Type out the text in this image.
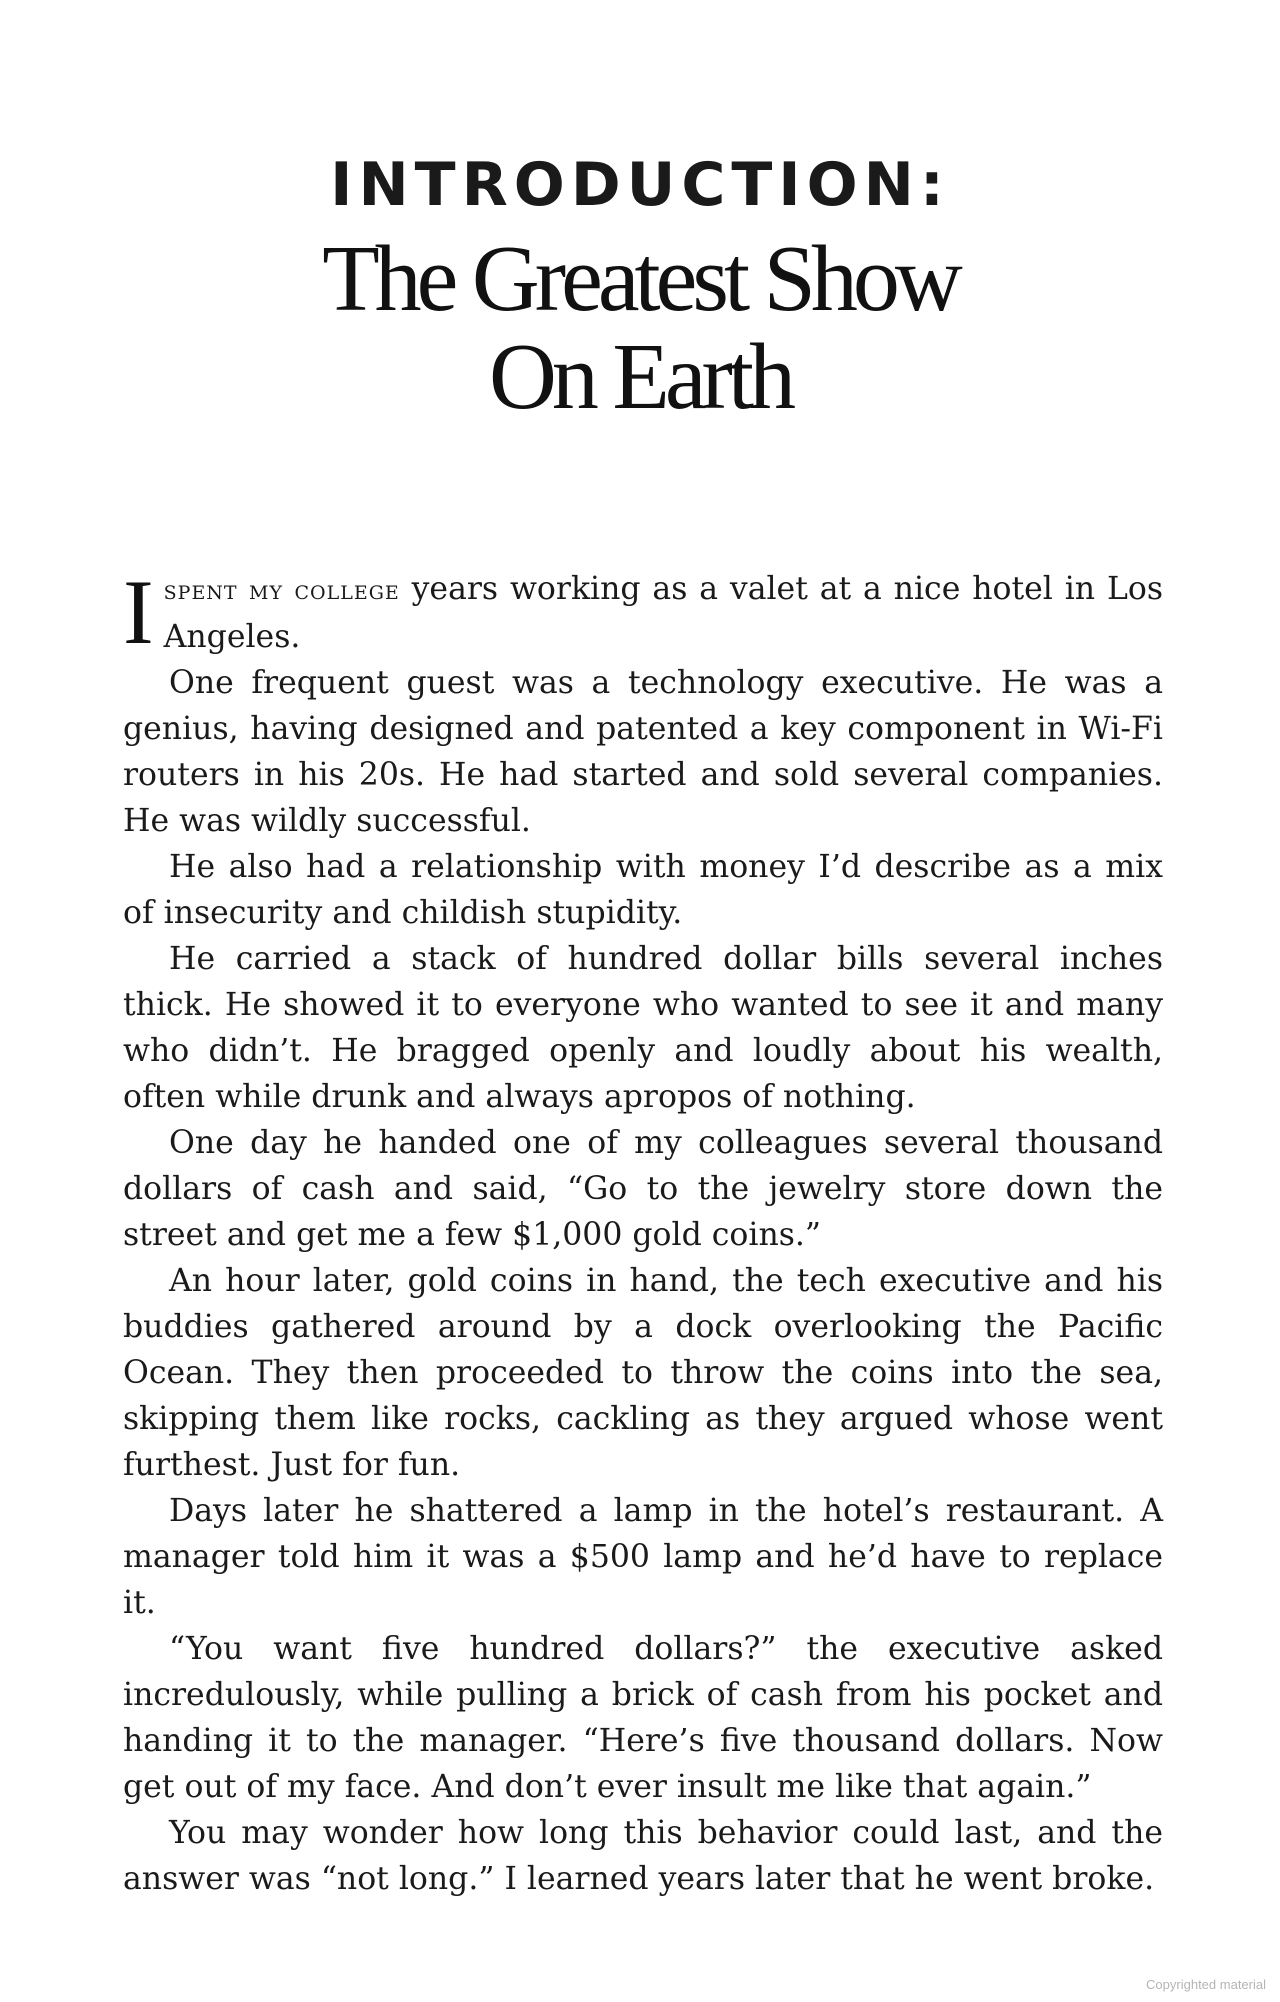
INTRODUCTION:
The Greatest Show
On Earth

Ispent my college years working as a valet at a nice hotel in Los Angeles.

One frequent guest was a technology executive. He was a genius, having designed and patented a key component in Wi-Fi routers in his 20s. He had started and sold several companies. He was wildly successful.

He also had a relationship with money I’d describe as a mix of insecurity and childish stupidity.

He carried a stack of hundred dollar bills several inches thick. He showed it to everyone who wanted to see it and many who didn’t. He bragged openly and loudly about his wealth, often while drunk and always apropos of nothing.

One day he handed one of my colleagues several thousand dollars of cash and said, “Go to the jewelry store down the street and get me a few $1,000 gold coins.”

An hour later, gold coins in hand, the tech executive and his buddies gathered around by a dock overlooking the Pacific Ocean. They then proceeded to throw the coins into the sea, skipping them like rocks, cackling as they argued whose went furthest. Just for fun.

Days later he shattered a lamp in the hotel’s restaurant. A manager told him it was a $500 lamp and he’d have to replace it.

“You want five hundred dollars?” the executive asked incredulously, while pulling a brick of cash from his pocket and handing it to the manager. “Here’s five thousand dollars. Now get out of my face. And don’t ever insult me like that again.”

You may wonder how long this behavior could last, and the answer was “not long.” I learned years later that he went broke.

Copyrighted material
